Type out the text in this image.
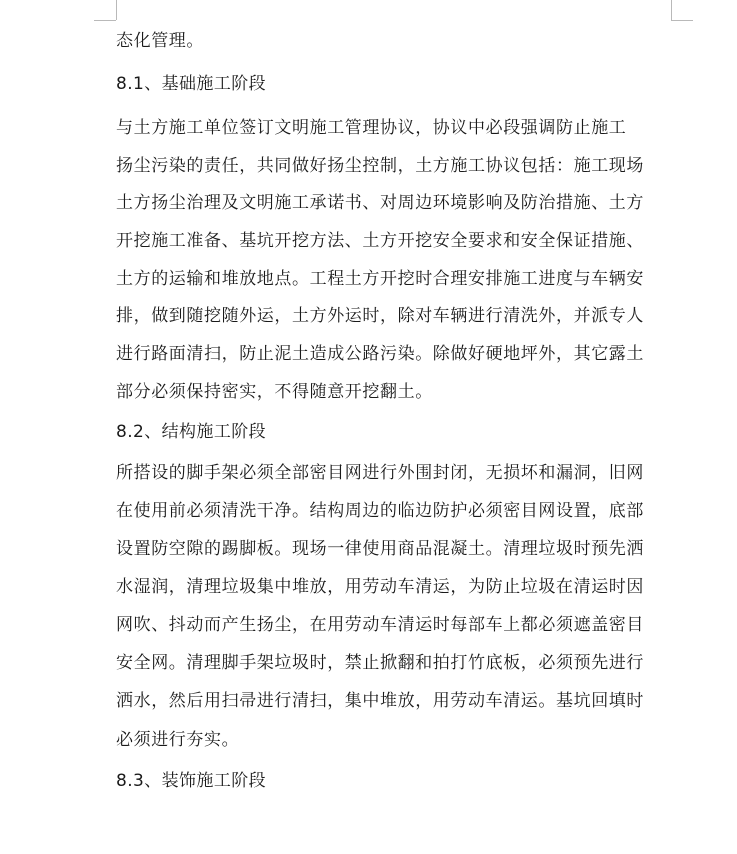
态化管理。
8.1、基础施工阶段
与土方施工单位签订文明施工管理协议，协议中必段强调防止施工
扬尘污染的责任，共同做好扬尘控制，土方施工协议包括：施工现场
土方扬尘治理及文明施工承诺书、对周边环境影响及防治措施、土方
开挖施工准备、基坑开挖方法、土方开挖安全要求和安全保证措施、
土方的运输和堆放地点。工程土方开挖时合理安排施工进度与车辆安
排，做到随挖随外运，土方外运时，除对车辆进行清洗外，并派专人
进行路面清扫，防止泥土造成公路污染。除做好硬地坪外，其它露土
部分必须保持密实，不得随意开挖翻土。
8.2、结构施工阶段
所搭设的脚手架必须全部密目网进行外围封闭，无损坏和漏洞，旧网
在使用前必须清洗干净。结构周边的临边防护必须密目网设置，底部
设置防空隙的踢脚板。现场一律使用商品混凝土。清理垃圾时预先洒
水湿润，清理垃圾集中堆放，用劳动车清运，为防止垃圾在清运时因
网吹、抖动而产生扬尘，在用劳动车清运时每部车上都必须遮盖密目
安全网。清理脚手架垃圾时，禁止掀翻和拍打竹底板，必须预先进行
洒水，然后用扫帚进行清扫，集中堆放，用劳动车清运。基坑回填时
必须进行夯实。
8.3、装饰施工阶段
